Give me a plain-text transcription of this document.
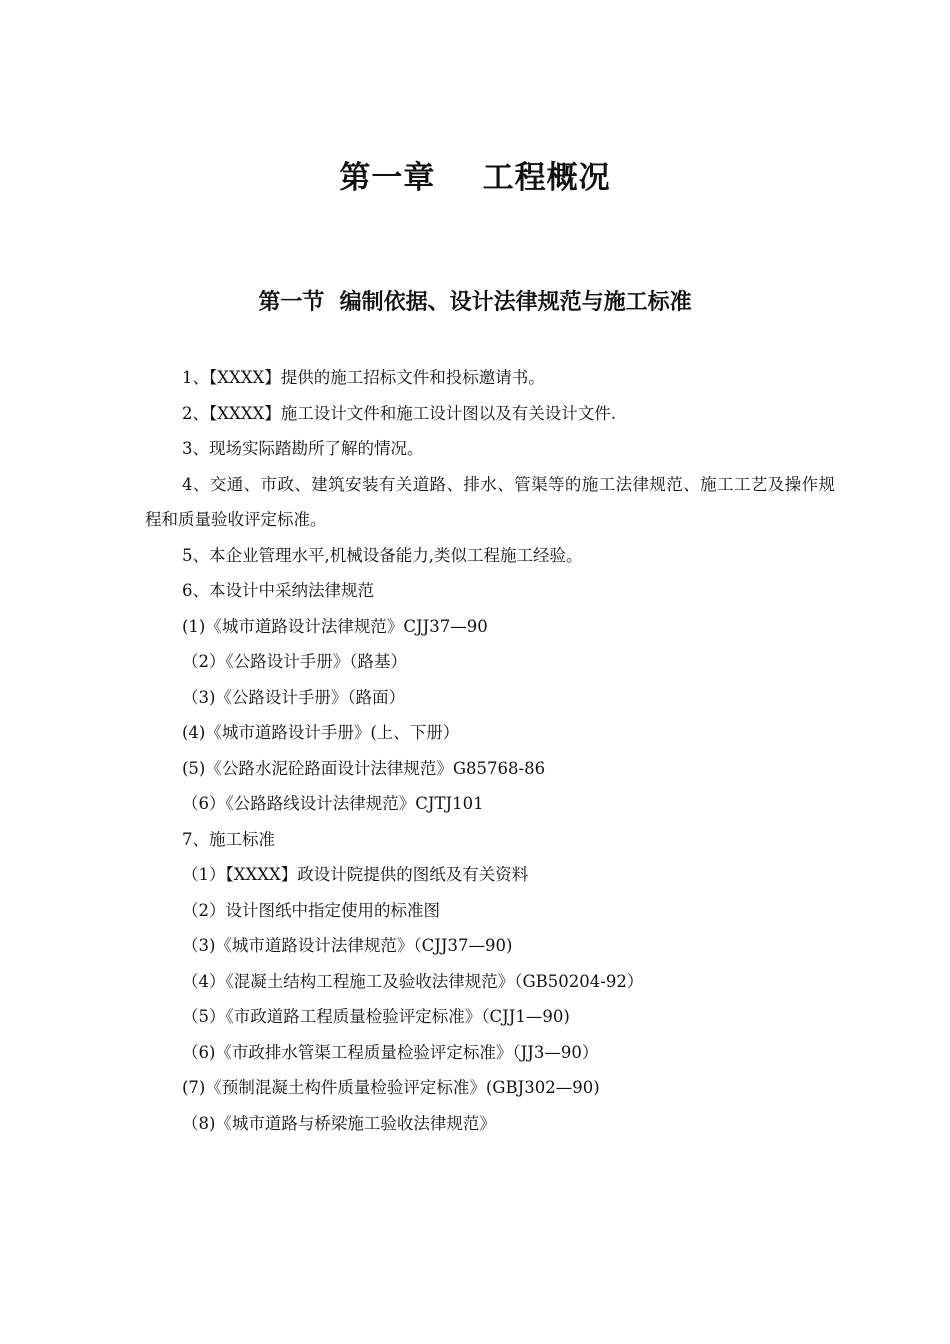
第一章    工程概况
第一节  编制依据、设计法律规范与施工标准

1、【XXXX】提供的施工招标文件和投标邀请书。

2、【XXXX】施工设计文件和施工设计图以及有关设计文件.

3、现场实际踏勘所了解的情况。

4、交通、市政、建筑安装有关道路、排水、管渠等的施工法律规范、施工工艺及操作规程和质量验收评定标准。

5、本企业管理水平,机械设备能力,类似工程施工经验。

6、本设计中采纳法律规范

(1)《城市道路设计法律规范》CJJ37—90

（2）《公路设计手册》（路基）

（3)《公路设计手册》（路面）

(4)《城市道路设计手册》(上、下册）

(5)《公路水泥砼路面设计法律规范》G85768-86

（6）《公路路线设计法律规范》CJTJ101

7、施工标准

（1）【XXXX】政设计院提供的图纸及有关资料

（2）设计图纸中指定使用的标准图

（3)《城市道路设计法律规范》（CJJ37—90)

（4）《混凝土结构工程施工及验收法律规范》（GB50204-92）

（5）《市政道路工程质量检验评定标准》（CJJ1—90)

（6)《市政排水管渠工程质量检验评定标准》（JJ3—90）

(7)《预制混凝土构件质量检验评定标准》(GBJ302—90)

（8)《城市道路与桥梁施工验收法律规范》
